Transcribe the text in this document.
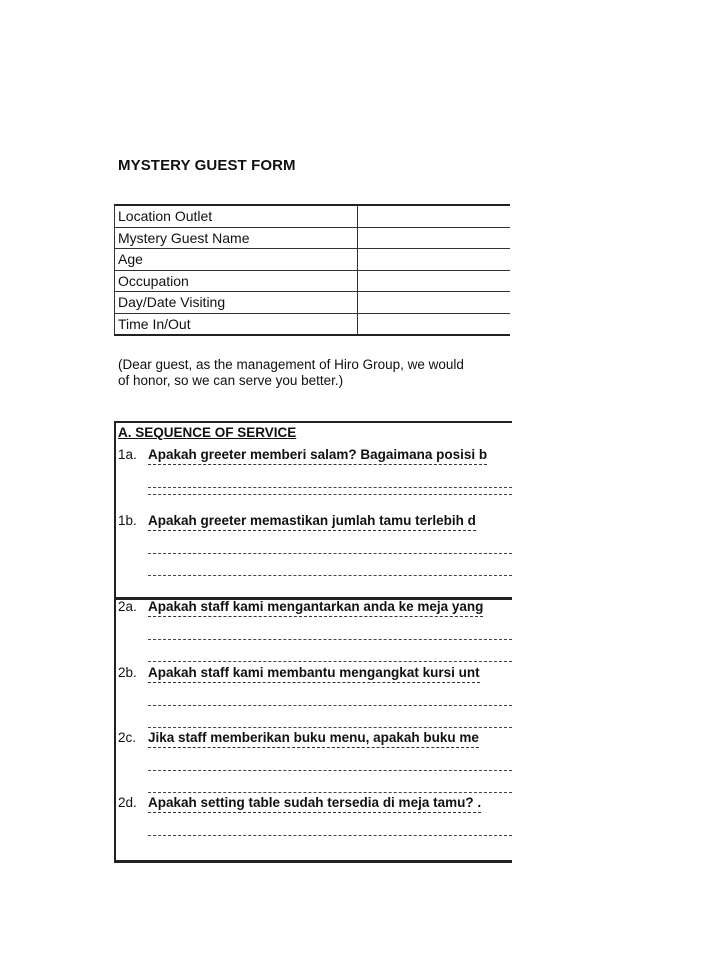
MYSTERY GUEST FORM
Location Outlet	
Mystery Guest Name	
Age	
Occupation	
Day/Date Visiting	
Time In/Out	
(Dear guest, as the management of Hiro Group, we would
of honor, so we can serve you better.)
A. SEQUENCE OF SERVICE
1a. Apakah greeter memberi salam? Bagaimana posisi b
1b. Apakah greeter memastikan jumlah tamu terlebih d
2a. Apakah staff kami mengantarkan anda ke meja yang
2b. Apakah staff kami membantu mengangkat kursi unt
2c. Jika staff memberikan buku menu, apakah buku me
2d. Apakah setting table sudah tersedia di meja tamu? .
